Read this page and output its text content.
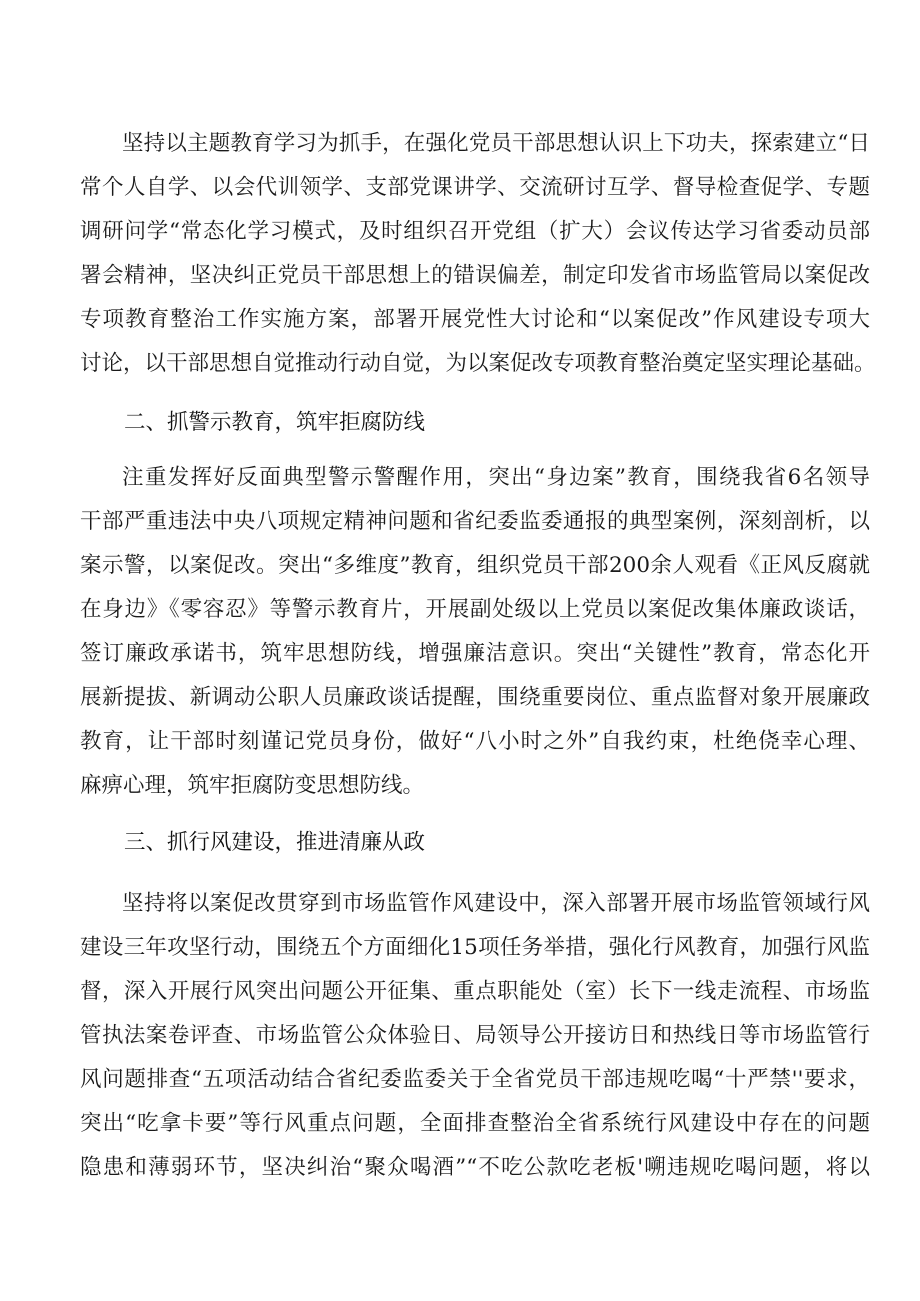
坚持以主题教育学习为抓手，在强化党员干部思想认识上下功夫，探索建立“日
常个人自学、以会代训领学、支部党课讲学、交流研讨互学、督导检查促学、专题
调研问学“常态化学习模式，及时组织召开党组（扩大）会议传达学习省委动员部
署会精神，坚决纠正党员干部思想上的错误偏差，制定印发省市场监管局以案促改
专项教育整治工作实施方案，部署开展党性大讨论和“以案促改”作风建设专项大
讨论，以干部思想自觉推动行动自觉，为以案促改专项教育整治奠定坚实理论基础。
二、抓警示教育，筑牢拒腐防线
注重发挥好反面典型警示警醒作用，突出“身边案”教育，围绕我省6名领导
干部严重违法中央八项规定精神问题和省纪委监委通报的典型案例，深刻剖析，以
案示警，以案促改。突出“多维度”教育，组织党员干部200余人观看《正风反腐就
在身边》《零容忍》等警示教育片，开展副处级以上党员以案促改集体廉政谈话，
签订廉政承诺书，筑牢思想防线，增强廉洁意识。突出“关键性”教育，常态化开
展新提拔、新调动公职人员廉政谈话提醒，围绕重要岗位、重点监督对象开展廉政
教育，让干部时刻谨记党员身份，做好“八小时之外”自我约束，杜绝侥幸心理、
麻痹心理，筑牢拒腐防变思想防线。
三、抓行风建设，推进清廉从政
坚持将以案促改贯穿到市场监管作风建设中，深入部署开展市场监管领域行风
建设三年攻坚行动，围绕五个方面细化15项任务举措，强化行风教育，加强行风监
督，深入开展行风突出问题公开征集、重点职能处（室）长下一线走流程、市场监
管执法案卷评查、市场监管公众体验日、局领导公开接访日和热线日等市场监管行
风问题排查“五项活动结合省纪委监委关于全省党员干部违规吃喝“十严禁''要求，
突出“吃拿卡要”等行风重点问题，全面排查整治全省系统行风建设中存在的问题
隐患和薄弱环节，坚决纠治“聚众喝酒”“不吃公款吃老板'嗍违规吃喝问题，将以
